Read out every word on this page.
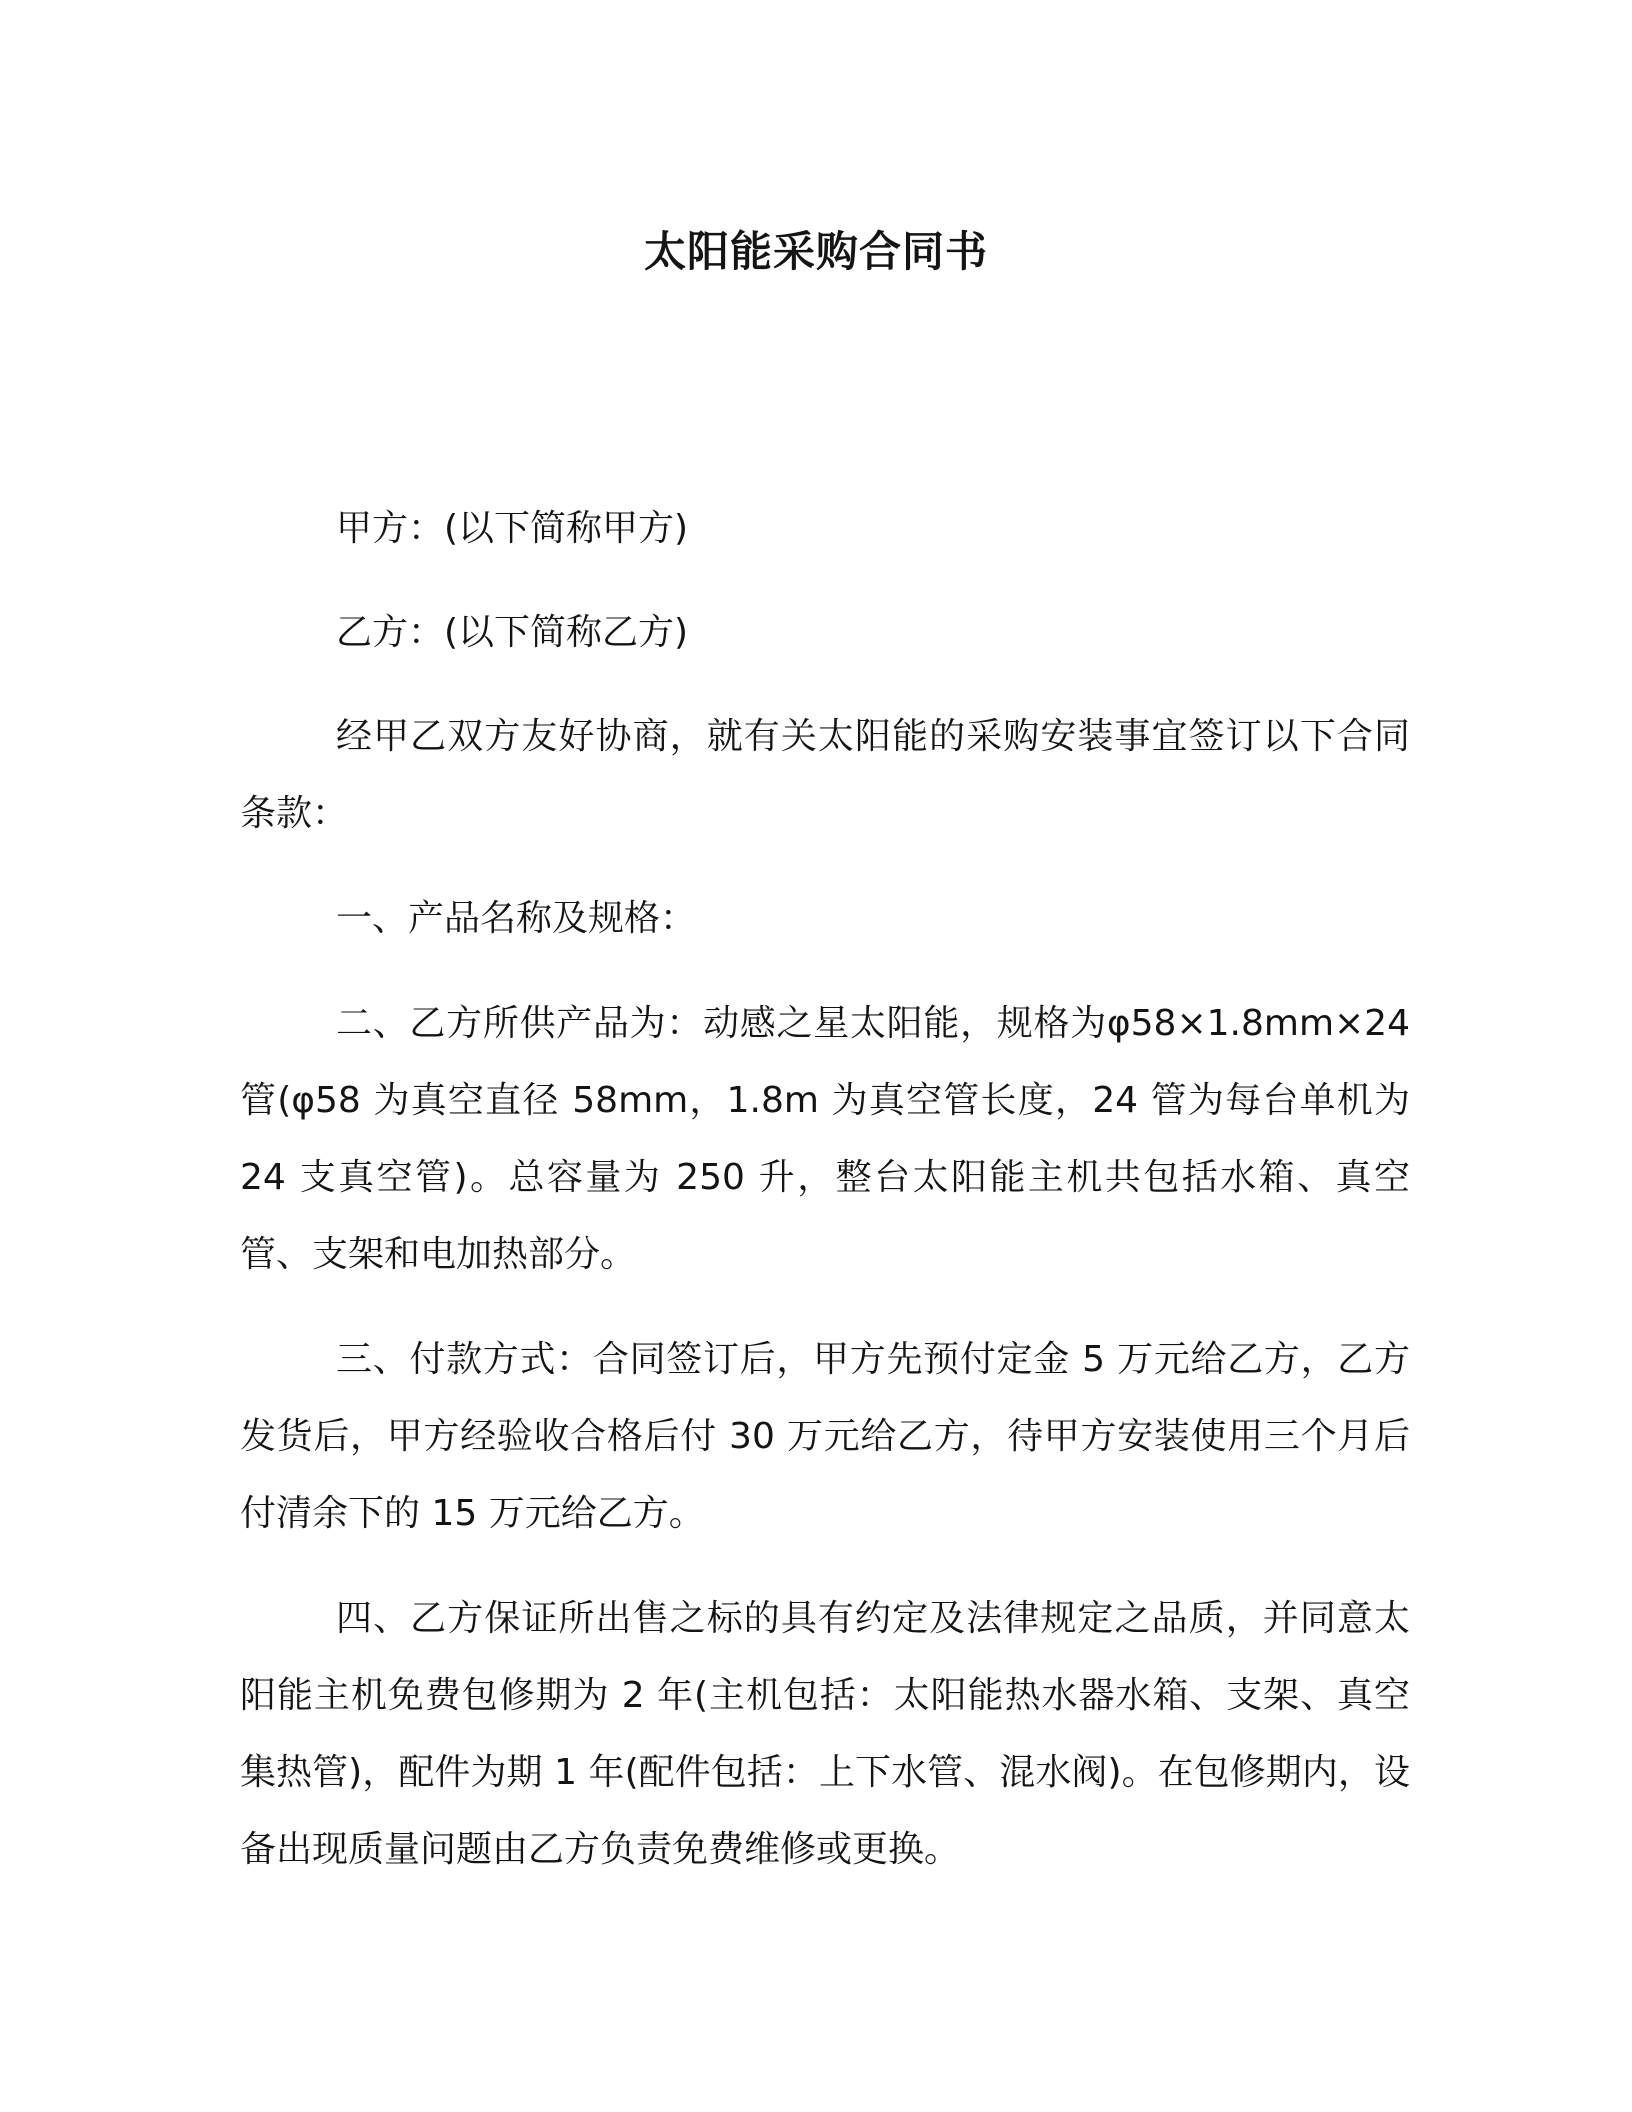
太阳能采购合同书

甲方：(以下简称甲方)

乙方：(以下简称乙方)

经甲乙双方友好协商，就有关太阳能的采购安装事宜签订以下合同条款：

一、产品名称及规格：

二、乙方所供产品为：动感之星太阳能，规格为φ58×1.8mm×24 管(φ58 为真空直径 58mm，1.8m 为真空管长度，24 管为每台单机为 24 支真空管)。总容量为 250 升，整台太阳能主机共包括水箱、真空管、支架和电加热部分。

三、付款方式：合同签订后，甲方先预付定金 5 万元给乙方，乙方发货后，甲方经验收合格后付 30 万元给乙方，待甲方安装使用三个月后付清余下的 15 万元给乙方。

四、乙方保证所出售之标的具有约定及法律规定之品质，并同意太阳能主机免费包修期为 2 年(主机包括：太阳能热水器水箱、支架、真空集热管)，配件为期 1 年(配件包括：上下水管、混水阀)。在包修期内，设备出现质量问题由乙方负责免费维修或更换。
